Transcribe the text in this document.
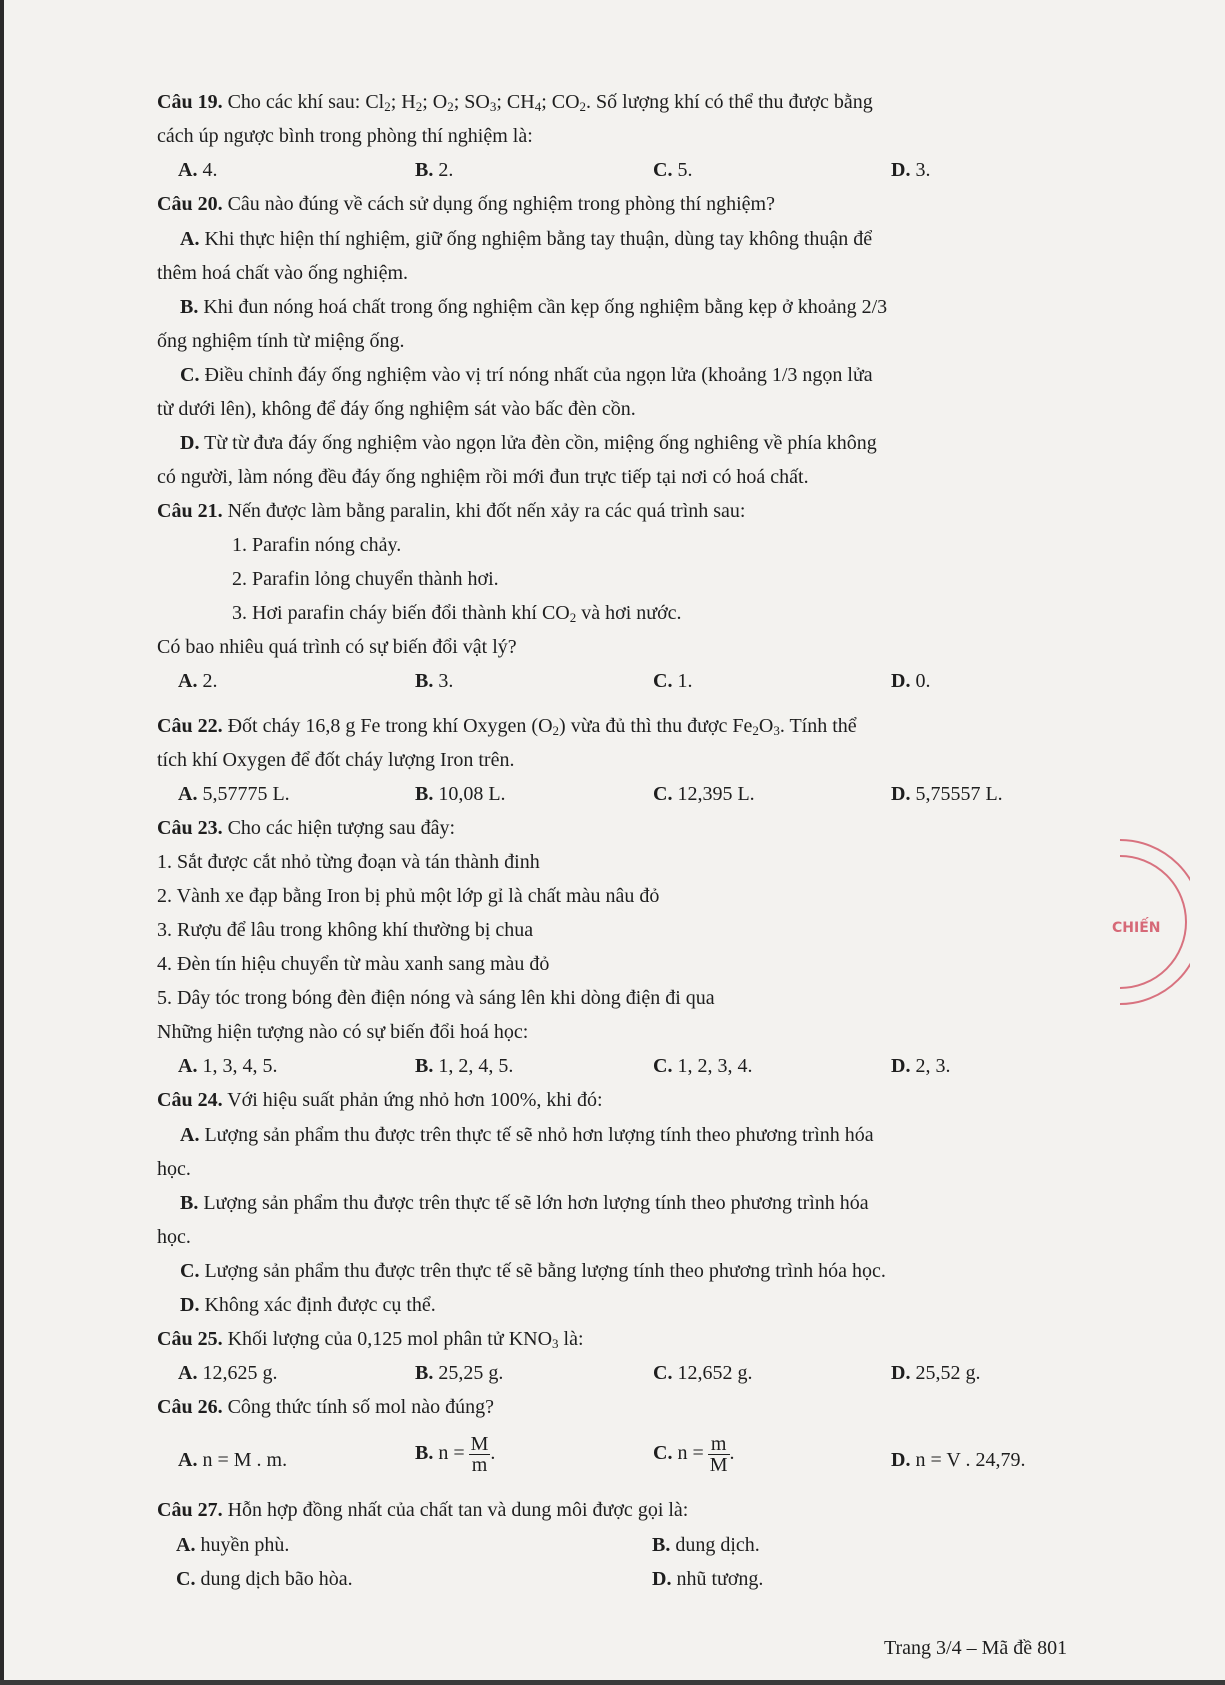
Câu 19. Cho các khí sau: $Cl_2$; $H_2$; $O_2$; $SO_3$; $CH_4$; $CO_2$. Số lượng khí có thể thu được bằng
cách úp ngược bình trong phòng thí nghiệm là:
A. 4.	B. 2.	C. 5.	D. 3.
Câu 20. Câu nào đúng về cách sử dụng ống nghiệm trong phòng thí nghiệm?
A. Khi thực hiện thí nghiệm, giữ ống nghiệm bằng tay thuận, dùng tay không thuận để
thêm hoá chất vào ống nghiệm.
B. Khi đun nóng hoá chất trong ống nghiệm cần kẹp ống nghiệm bằng kẹp ở khoảng 2/3
ống nghiệm tính từ miệng ống.
C. Điều chỉnh đáy ống nghiệm vào vị trí nóng nhất của ngọn lửa (khoảng 1/3 ngọn lửa
từ dưới lên), không để đáy ống nghiệm sát vào bấc đèn cồn.
D. Từ từ đưa đáy ống nghiệm vào ngọn lửa đèn cồn, miệng ống nghiêng về phía không
có người, làm nóng đều đáy ống nghiệm rồi mới đun trực tiếp tại nơi có hoá chất.
Câu 21. Nến được làm bằng paralin, khi đốt nến xảy ra các quá trình sau:
1. Parafin nóng chảy.
2. Parafin lỏng chuyển thành hơi.
3. Hơi parafin cháy biến đổi thành khí $CO_2$ và hơi nước.
Có bao nhiêu quá trình có sự biến đổi vật lý?
A. 2.	B. 3.	C. 1.	D. 0.
Câu 22. Đốt cháy 16,8 g Fe trong khí Oxygen $(O_2)$ vừa đủ thì thu được $Fe_2O_3$. Tính thể
tích khí Oxygen để đốt cháy lượng Iron trên.
A. 5,57775 L.	B. 10,08 L.	C. 12,395 L.	D. 5,75557 L.
Câu 23. Cho các hiện tượng sau đây:
1. Sắt được cắt nhỏ từng đoạn và tán thành đinh
2. Vành xe đạp bằng Iron bị phủ một lớp gỉ là chất màu nâu đỏ
3. Rượu để lâu trong không khí thường bị chua
4. Đèn tín hiệu chuyển từ màu xanh sang màu đỏ
5. Dây tóc trong bóng đèn điện nóng và sáng lên khi dòng điện đi qua
Những hiện tượng nào có sự biến đổi hoá học:
A. 1, 3, 4, 5.	B. 1, 2, 4, 5.	C. 1, 2, 3, 4.	D. 2, 3.
Câu 24. Với hiệu suất phản ứng nhỏ hơn 100%, khi đó:
A. Lượng sản phẩm thu được trên thực tế sẽ nhỏ hơn lượng tính theo phương trình hóa
học.
B. Lượng sản phẩm thu được trên thực tế sẽ lớn hơn lượng tính theo phương trình hóa
học.
C. Lượng sản phẩm thu được trên thực tế sẽ bằng lượng tính theo phương trình hóa học.
D. Không xác định được cụ thể.
Câu 25. Khối lượng của 0,125 mol phân tử $KNO_3$ là:
A. 12,625 g.	B. 25,25 g.	C. 12,652 g.	D. 25,52 g.
Câu 26. Công thức tính số mol nào đúng?
A. n = M . m.	B. $n = \frac{M}{m}$ .	C. $n = \frac{m}{M}$ .	D. n = V . 24,79.
Câu 27. Hỗn hợp đồng nhất của chất tan và dung môi được gọi là:
A. huyền phù.	B. dung dịch.
C. dung dịch bão hòa.	D. nhũ tương.
CHIẾN
Trang 3/4 – Mã đề 801
